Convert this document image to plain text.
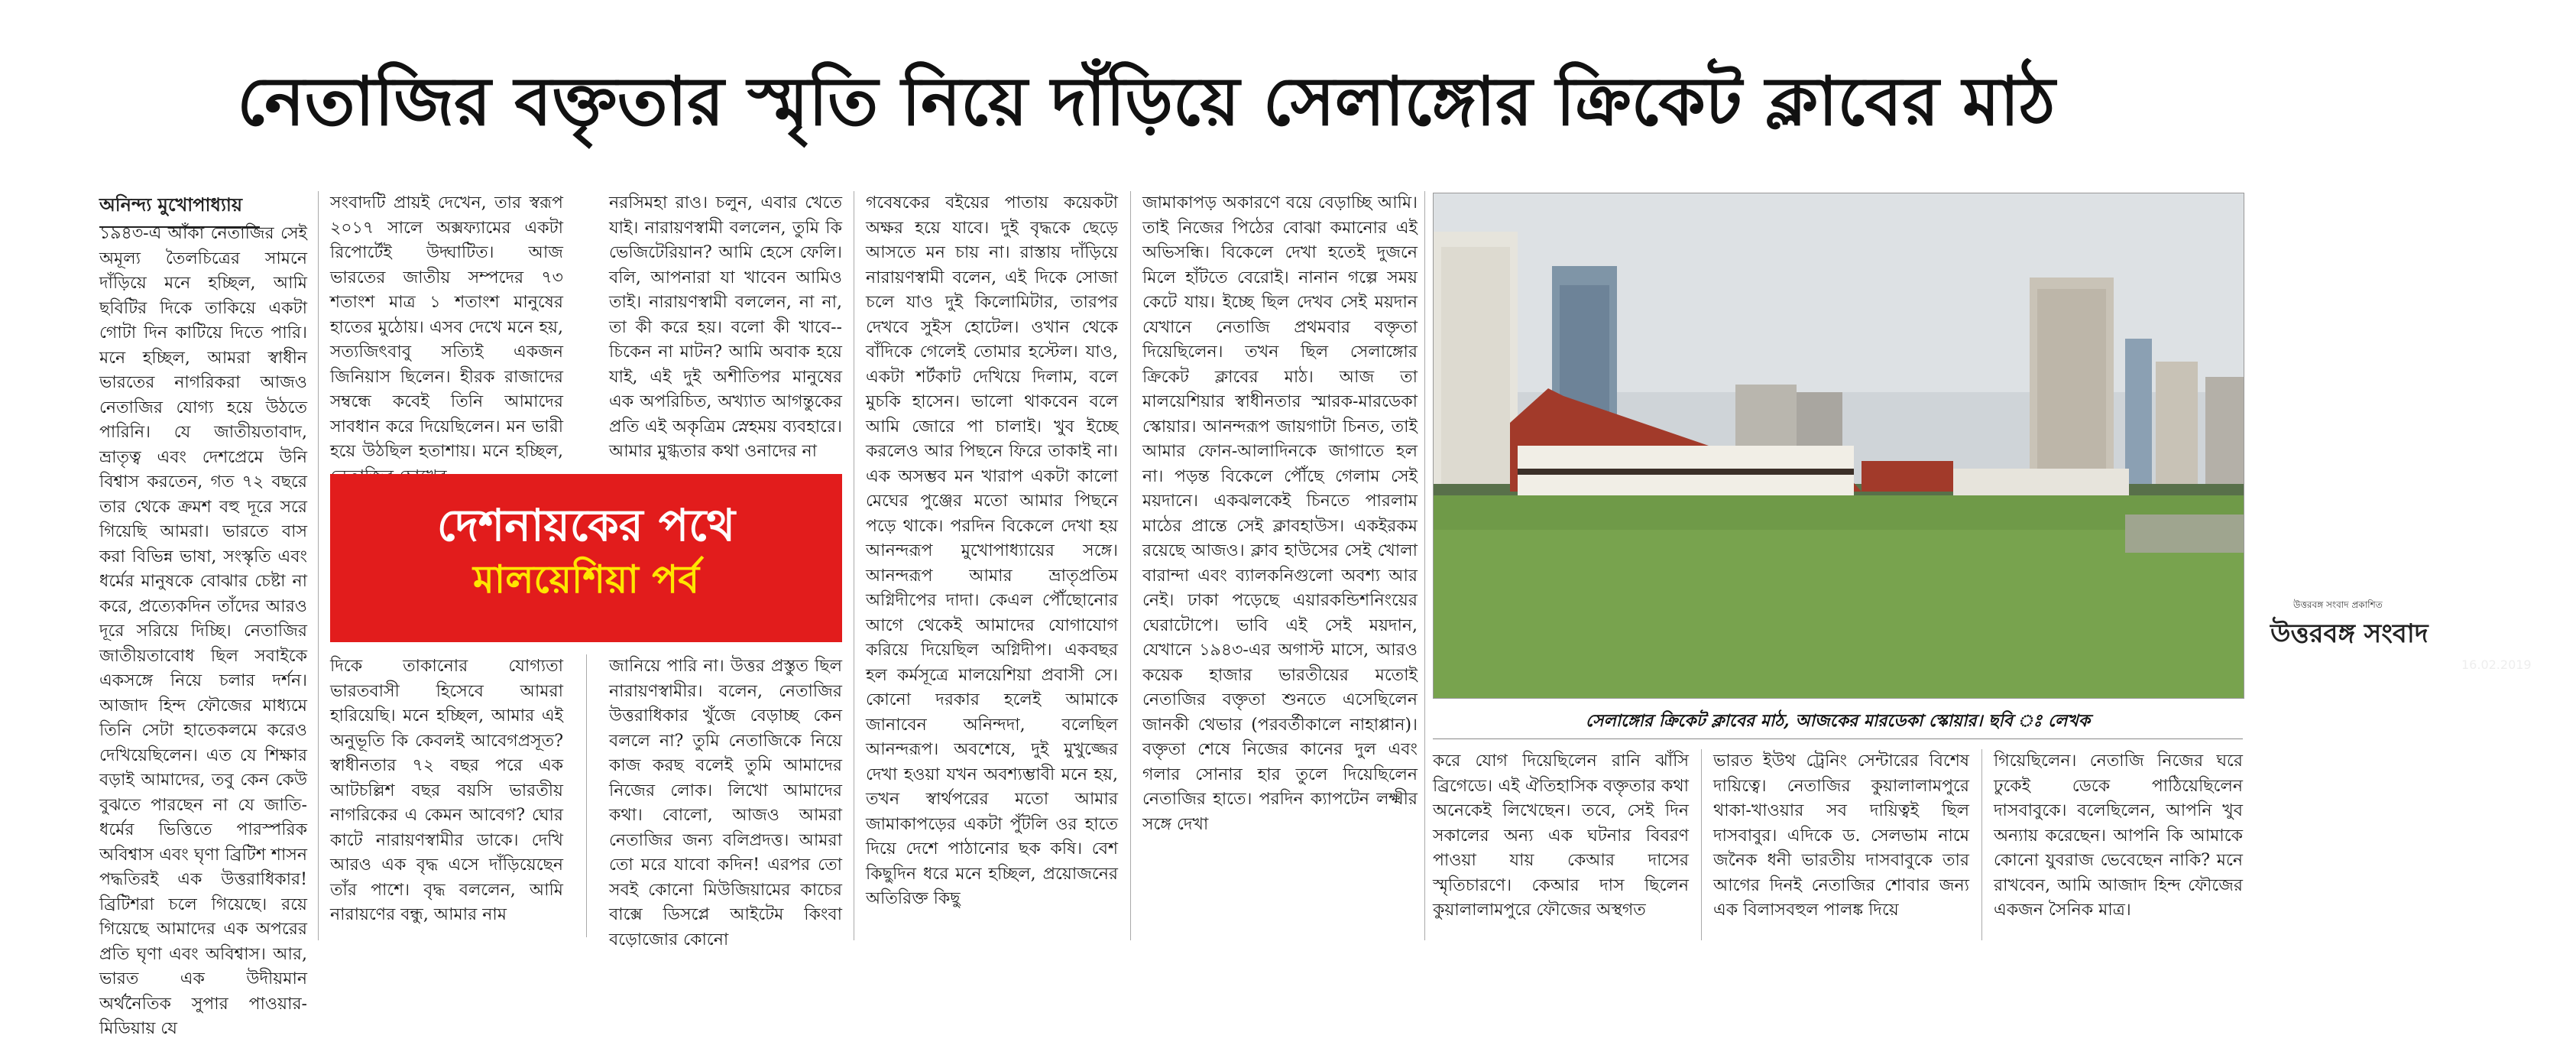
নেতাজির বক্তৃতার স্মৃতি নিয়ে দাঁড়িয়ে সেলাঙ্গোর ক্রিকেট ক্লাবের মাঠ
অনিন্দ্য মুখোপাধ্যায়
১৯৪৩-এ আঁকা নেতাজির সেই অমূল্য তৈলচিত্রের সামনে দাঁড়িয়ে মনে হচ্ছিল, আমি ছবিটির দিকে তাকিয়ে একটা গোটা দিন কাটিয়ে দিতে পারি। মনে হচ্ছিল, আমরা স্বাধীন ভারতের নাগরিকরা আজও নেতাজির যোগ্য হয়ে উঠতে পারিনি। যে জাতীয়তাবাদ, ভ্রাতৃত্ব এবং দেশপ্রেমে উনি বিশ্বাস করতেন, গত ৭২ বছরে তার থেকে ক্রমশ বহু দূরে সরে গিয়েছি আমরা। ভারতে বাস করা বিভিন্ন ভাষা, সংস্কৃতি এবং ধর্মের মানুষকে বোঝার চেষ্টা না করে, প্রত্যেকদিন তাঁদের আরও দূরে সরিয়ে দিচ্ছি। নেতাজির জাতীয়তাবোধ ছিল সবাইকে একসঙ্গে নিয়ে চলার দর্শন। আজাদ হিন্দ ফৌজের মাধ্যমে তিনি সেটা হাতেকলমে করেও দেখিয়েছিলেন। এত যে শিক্ষার বড়াই আমাদের, তবু কেন কেউ বুঝতে পারছেন না যে জাতি-ধর্মের ভিত্তিতে পারস্পরিক অবিশ্বাস এবং ঘৃণা ব্রিটিশ শাসন পদ্ধতিরই এক উত্তরাধিকার! ব্রিটিশরা চলে গিয়েছে। রয়ে গিয়েছে আমাদের এক অপরের প্রতি ঘৃণা এবং অবিশ্বাস। আর, ভারত এক উদীয়মান অর্থনৈতিক সুপার পাওয়ার-মিডিয়ায় যে
সংবাদটি প্রায়ই দেখেন, তার স্বরূপ ২০১৭ সালে অক্সফ্যামের একটা রিপোর্টেই উদ্ঘাটিত। আজ ভারতের জাতীয় সম্পদের ৭৩ শতাংশ মাত্র ১ শতাংশ মানুষের হাতের মুঠোয়। এসব দেখে মনে হয়, সত্যজিৎবাবু সত্যিই একজন জিনিয়াস ছিলেন। হীরক রাজাদের সম্বন্ধে কবেই তিনি আমাদের সাবধান করে দিয়েছিলেন। মন ভারী হয়ে উঠছিল হতাশায়। মনে হচ্ছিল,
নরসিমহা রাও। চলুন, এবার খেতে যাই। নারায়ণস্বামী বললেন, তুমি কি ভেজিটেরিয়ান? আমি হেসে ফেলি। বলি, আপনারা যা খাবেন আমিও তাই। নারায়ণস্বামী বললেন, না না, তা কী করে হয়। বলো কী খাবে-- চিকেন না মাটন? আমি অবাক হয়ে যাই, এই দুই অশীতিপর মানুষের এক অপরিচিত, অখ্যাত আগন্তুকের প্রতি এই অকৃত্রিম স্নেহময় ব্যবহারে। আমার মুগ্ধতার কথা ওনাদের না
দেশনায়কের পথে
মালয়েশিয়া পর্ব
দিকে তাকানোর যোগ্যতা ভারতবাসী হিসেবে আমরা হারিয়েছি। মনে হচ্ছিল, আমার এই অনুভূতি কি কেবলই আবেগপ্রসূত? স্বাধীনতার ৭২ বছর পরে এক আটচল্লিশ বছর বয়সি ভারতীয় নাগরিকের এ কেমন আবেগ? ঘোর কাটে নারায়ণস্বামীর ডাকে। দেখি আরও এক বৃদ্ধ এসে দাঁড়িয়েছেন তাঁর পাশে। বৃদ্ধ বললেন, আমি নারায়ণের বন্ধু, আমার নাম
জানিয়ে পারি না। উত্তর প্রস্তুত ছিল নারায়ণস্বামীর। বলেন, নেতাজির উত্তরাধিকার খুঁজে বেড়াচ্ছ কেন বললে না? তুমি নেতাজিকে নিয়ে কাজ করছ বলেই তুমি আমাদের নিজের লোক। লিখো আমাদের কথা। বোলো, আজও আমরা নেতাজির জন্য বলিপ্রদত্ত। আমরা তো মরে যাবো কদিন! এরপর তো সবই কোনো মিউজিয়ামের কাচের বাক্সে ডিসপ্লে আইটেম কিংবা বড়োজোর কোনো
গবেষকের বইয়ের পাতায় কয়েকটা অক্ষর হয়ে যাবে। দুই বৃদ্ধকে ছেড়ে আসতে মন চায় না। রাস্তায় দাঁড়িয়ে নারায়ণস্বামী বলেন, এই দিকে সোজা চলে যাও দুই কিলোমিটার, তারপর দেখবে সুইস হোটেল। ওখান থেকে বাঁদিকে গেলেই তোমার হস্টেল। যাও, একটা শর্টকাট দেখিয়ে দিলাম, বলে মুচকি হাসেন। ভালো থাকবেন বলে আমি জোরে পা চালাই। খুব ইচ্ছে করলেও আর পিছনে ফিরে তাকাই না। এক অসম্ভব মন খারাপ একটা কালো মেঘের পুঞ্জের মতো আমার পিছনে পড়ে থাকে। পরদিন বিকেলে দেখা হয় আনন্দরূপ মুখোপাধ্যায়ের সঙ্গে। আনন্দরূপ আমার ভ্রাতৃপ্রতিম অগ্নিদীপের দাদা। কেএল পৌঁছোনোর আগে থেকেই আমাদের যোগাযোগ করিয়ে দিয়েছিল অগ্নিদীপ। একবছর হল কর্মসূত্রে মালয়েশিয়া প্রবাসী সে। কোনো দরকার হলেই আমাকে জানাবেন অনিন্দদা, বলেছিল আনন্দরূপ। অবশেষে, দুই মুখুজ্জের দেখা হওয়া যখন অবশ্যম্ভাবী মনে হয়, তখন স্বার্থপরের মতো আমার জামাকাপড়ের একটা পুঁটলি ওর হাতে দিয়ে দেশে পাঠানোর ছক কষি। বেশ কিছুদিন ধরে মনে হচ্ছিল, প্রয়োজনের অতিরিক্ত কিছু
জামাকাপড় অকারণে বয়ে বেড়াচ্ছি আমি। তাই নিজের পিঠের বোঝা কমানোর এই অভিসন্ধি। বিকেলে দেখা হতেই দুজনে মিলে হাঁটতে বেরোই। নানান গল্পে সময় কেটে যায়। ইচ্ছে ছিল দেখব সেই ময়দান যেখানে নেতাজি প্রথমবার বক্তৃতা দিয়েছিলেন। তখন ছিল সেলাঙ্গোর ক্রিকেট ক্লাবের মাঠ। আজ তা মালয়েশিয়ার স্বাধীনতার স্মারক-মারডেকা স্কোয়ার। আনন্দরূপ জায়গাটা চিনত, তাই আমার ফোন-আলাদিনকে জাগাতে হল না। পড়ন্ত বিকেলে পৌঁছে গেলাম সেই ময়দানে। একঝলকেই চিনতে পারলাম মাঠের প্রান্তে সেই ক্লাবহাউস। একইরকম রয়েছে আজও। ক্লাব হাউসের সেই খোলা বারান্দা এবং ব্যালকনিগুলো অবশ্য আর নেই। ঢাকা পড়েছে এয়ারকন্ডিশনিংয়ের ঘেরাটোপে। ভাবি এই সেই ময়দান, যেখানে ১৯৪৩-এর অগাস্ট মাসে, আরও কয়েক হাজার ভারতীয়ের মতোই নেতাজির বক্তৃতা শুনতে এসেছিলেন জানকী থেভার (পরবর্তীকালে নাহাপ্পান)। বক্তৃতা শেষে নিজের কানের দুল এবং গলার সোনার হার তুলে দিয়েছিলেন নেতাজির হাতে। পরদিন ক্যাপটেন লক্ষ্মীর সঙ্গে দেখা
উত্তরবঙ্গ সংবাদ প্রকাশিত
উত্তরবঙ্গ সংবাদ
16.02.2019
সেলাঙ্গোর ক্রিকেট ক্লাবের মাঠ, আজকের মারডেকা স্কোয়ার। ছবি ঃ লেখক
করে যোগ দিয়েছিলেন রানি ঝাঁসি ব্রিগেডে। এই ঐতিহাসিক বক্তৃতার কথা অনেকেই লিখেছেন। তবে, সেই দিন সকালের অন্য এক ঘটনার বিবরণ পাওয়া যায় কেআর দাসের স্মৃতিচারণে। কেআর দাস ছিলেন কুয়ালালামপুরে ফৌজের অস্থগত
ভারত ইউথ ট্রেনিং সেন্টারের বিশেষ দায়িত্বে। নেতাজির কুয়ালালামপুরে থাকা-খাওয়ার সব দায়িত্বই ছিল দাসবাবুর। এদিকে ড. সেলভাম নামে জনৈক ধনী ভারতীয় দাসবাবুকে তার আগের দিনই নেতাজির শোবার জন্য এক বিলাসবহুল পালঙ্ক দিয়ে
গিয়েছিলেন। নেতাজি নিজের ঘরে ঢুকেই ডেকে পাঠিয়েছিলেন দাসবাবুকে। বলেছিলেন, আপনি খুব অন্যায় করেছেন। আপনি কি আমাকে কোনো যুবরাজ ভেবেছেন নাকি? মনে রাখবেন, আমি আজাদ হিন্দ ফৌজের একজন সৈনিক মাত্র।
